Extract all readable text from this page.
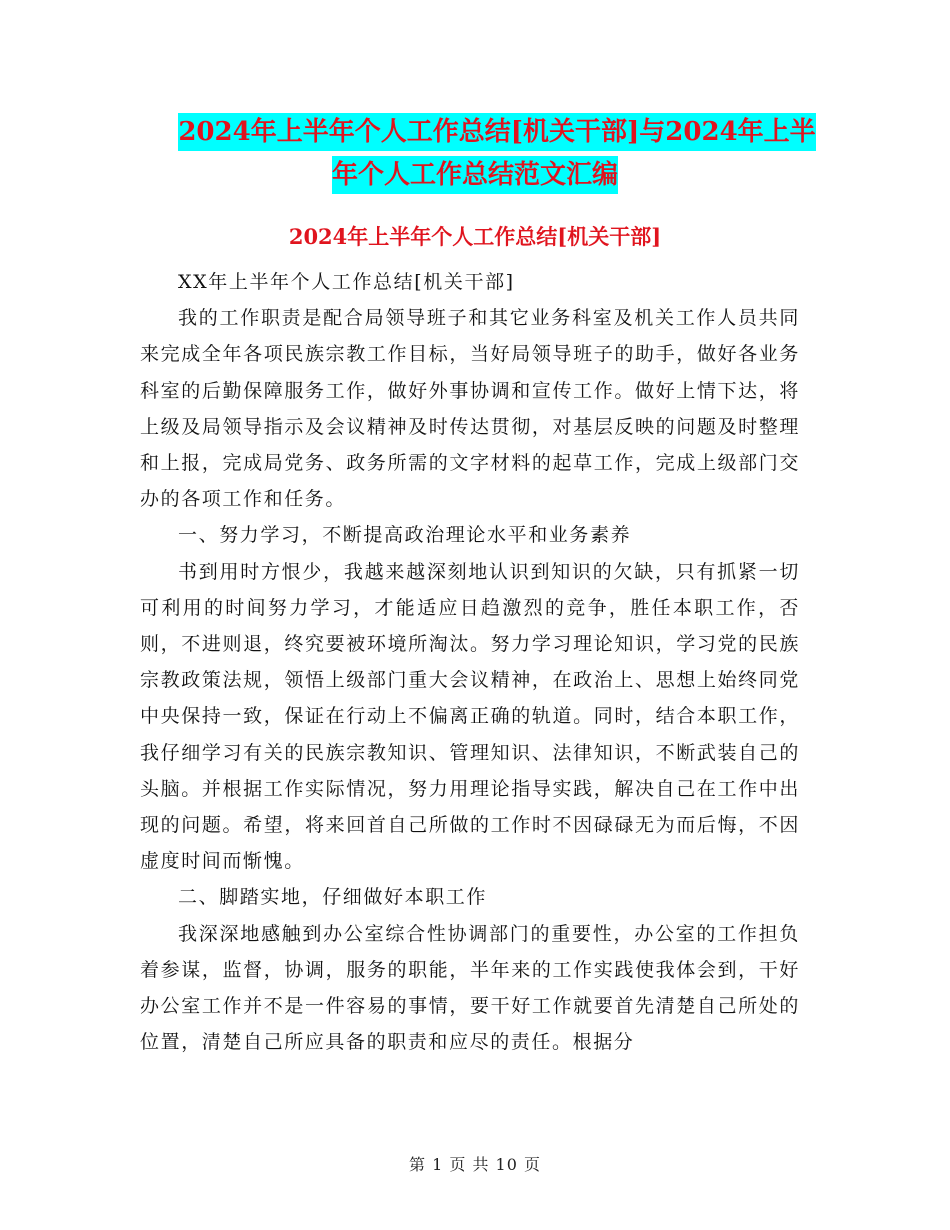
2024年上半年个人工作总结[机关干部]与2024年上半
年个人工作总结范文汇编
2024年上半年个人工作总结[机关干部]

XX年上半年个人工作总结[机关干部]

我的工作职责是配合局领导班子和其它业务科室及机关工作人员共同来完成全年各项民族宗教工作目标，当好局领导班子的助手，做好各业务科室的后勤保障服务工作，做好外事协调和宣传工作。做好上情下达，将上级及局领导指示及会议精神及时传达贯彻，对基层反映的问题及时整理和上报，完成局党务、政务所需的文字材料的起草工作，完成上级部门交办的各项工作和任务。

一、努力学习，不断提高政治理论水平和业务素养

书到用时方恨少，我越来越深刻地认识到知识的欠缺，只有抓紧一切可利用的时间努力学习，才能适应日趋激烈的竞争，胜任本职工作，否则，不进则退，终究要被环境所淘汰。努力学习理论知识，学习党的民族宗教政策法规，领悟上级部门重大会议精神，在政治上、思想上始终同党中央保持一致，保证在行动上不偏离正确的轨道。同时，结合本职工作，我仔细学习有关的民族宗教知识、管理知识、法律知识，不断武装自己的头脑。并根据工作实际情况，努力用理论指导实践，解决自己在工作中出现的问题。希望，将来回首自己所做的工作时不因碌碌无为而后悔，不因虚度时间而惭愧。

二、脚踏实地，仔细做好本职工作

我深深地感触到办公室综合性协调部门的重要性，办公室的工作担负着参谋，监督，协调，服务的职能，半年来的工作实践使我体会到，干好办公室工作并不是一件容易的事情，要干好工作就要首先清楚自己所处的位置，清楚自己所应具备的职责和应尽的责任。根据分

第 1 页 共 10 页
